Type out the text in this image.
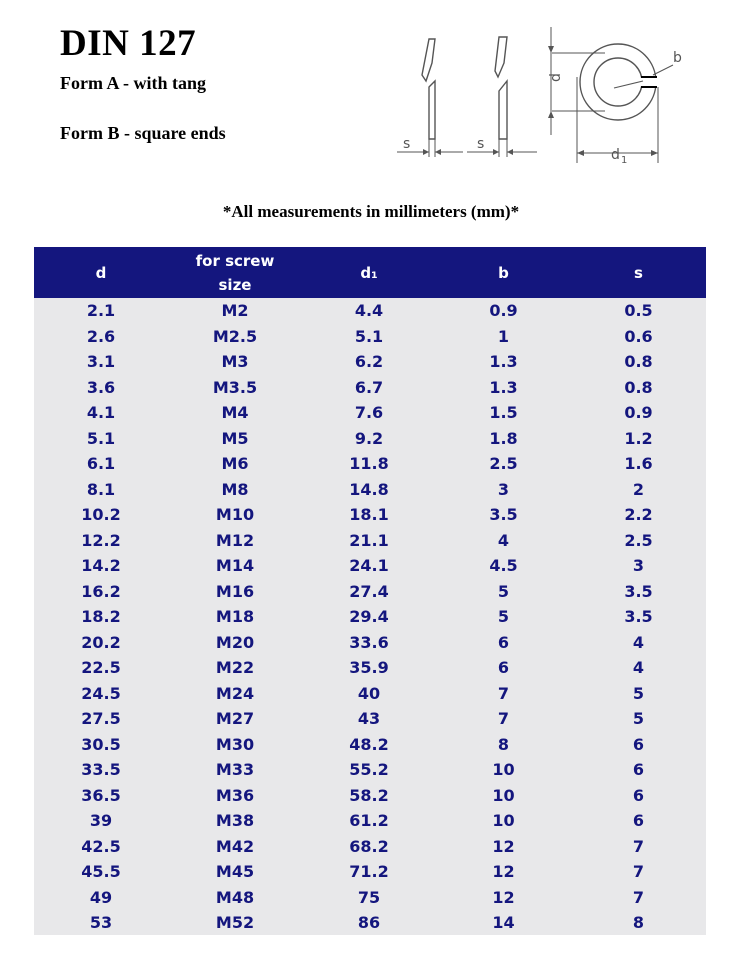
DIN 127
Form A - with tang
Form B - square ends
s	s
b
d 1
d
*All measurements in millimeters (mm)*
d	for screw size	d₁	b	s
2.1	M2	4.4	0.9	0.5
2.6	M2.5	5.1	1	0.6
3.1	M3	6.2	1.3	0.8
3.6	M3.5	6.7	1.3	0.8
4.1	M4	7.6	1.5	0.9
5.1	M5	9.2	1.8	1.2
6.1	M6	11.8	2.5	1.6
8.1	M8	14.8	3	2
10.2	M10	18.1	3.5	2.2
12.2	M12	21.1	4	2.5
14.2	M14	24.1	4.5	3
16.2	M16	27.4	5	3.5
18.2	M18	29.4	5	3.5
20.2	M20	33.6	6	4
22.5	M22	35.9	6	4
24.5	M24	40	7	5
27.5	M27	43	7	5
30.5	M30	48.2	8	6
33.5	M33	55.2	10	6
36.5	M36	58.2	10	6
39	M38	61.2	10	6
42.5	M42	68.2	12	7
45.5	M45	71.2	12	7
49	M48	75	12	7
53	M52	86	14	8
